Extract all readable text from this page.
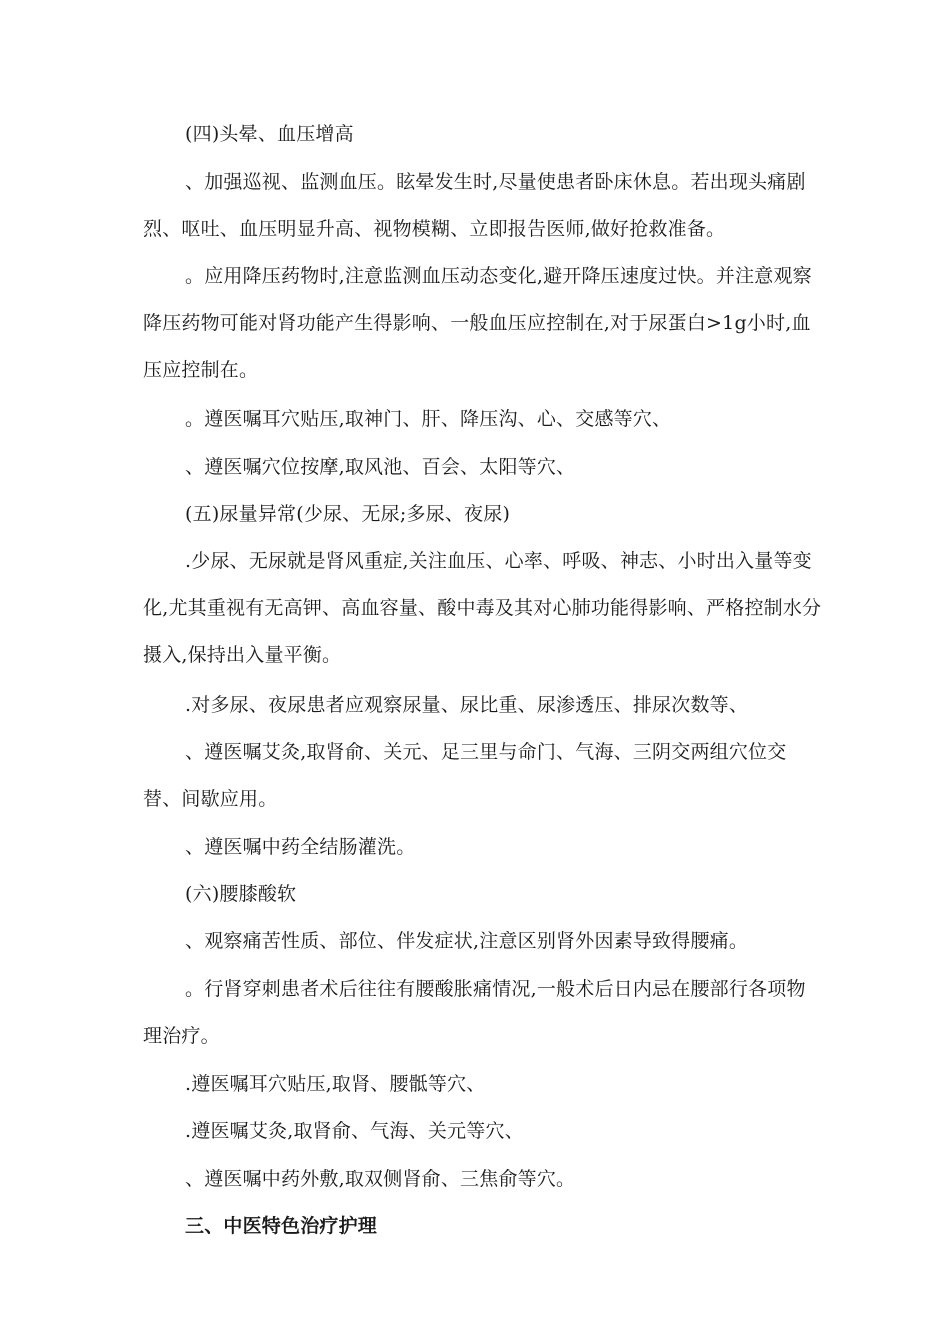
(四)头晕、血压增高

、加强巡视、监测血压。眩晕发生时,尽量使患者卧床休息。若出现头痛剧烈、呕吐、血压明显升高、视物模糊、立即报告医师,做好抢救准备。

。应用降压药物时,注意监测血压动态变化,避开降压速度过快。并注意观察降压药物可能对肾功能产生得影响、一般血压应控制在,对于尿蛋白>1g小时,血压应控制在。

。遵医嘱耳穴贴压,取神门、肝、降压沟、心、交感等穴、

、遵医嘱穴位按摩,取风池、百会、太阳等穴、

(五)尿量异常(少尿、无尿;多尿、夜尿)

.少尿、无尿就是肾风重症,关注血压、心率、呼吸、神志、小时出入量等变化,尤其重视有无高钾、高血容量、酸中毒及其对心肺功能得影响、严格控制水分摄入,保持出入量平衡。

.对多尿、夜尿患者应观察尿量、尿比重、尿渗透压、排尿次数等、

、遵医嘱艾灸,取肾俞、关元、足三里与命门、气海、三阴交两组穴位交替、间歇应用。

、遵医嘱中药全结肠灌洗。

(六)腰膝酸软

、观察痛苦性质、部位、伴发症状,注意区别肾外因素导致得腰痛。

。行肾穿刺患者术后往往有腰酸胀痛情况,一般术后日内忌在腰部行各项物理治疗。

.遵医嘱耳穴贴压,取肾、腰骶等穴、

.遵医嘱艾灸,取肾俞、气海、关元等穴、

、遵医嘱中药外敷,取双侧肾俞、三焦俞等穴。

三、中医特色治疗护理
